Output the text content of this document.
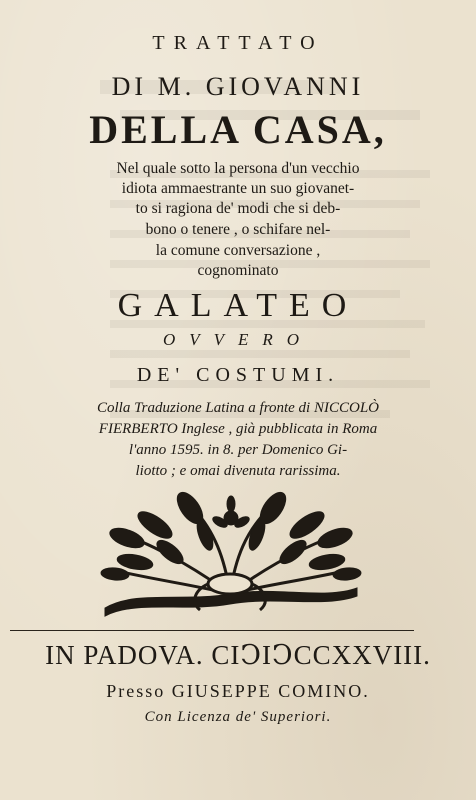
TRATTATO
DI M. GIOVANNI
DELLA CASA,
Nel quale sotto la persona d'un vecchio
idiota ammaestrante un suo giovanet-
to si ragiona de' modi che si deb-
bono o tenere , o schifare nel-
la comune conversazione ,
cognominato
GALATEO
OVVERO
DE' COSTUMI.
Colla Traduzione Latina a fronte di NICCOLÒ
FIERBERTO Inglese , già pubblicata in Roma
l'anno 1595. in 8. per Domenico Gi-
liotto ; e omai divenuta rarissima.
IN PADOVA. CIↃIↃCCXXVIII.
Presso GIUSEPPE COMINO.
Con Licenza de' Superiori.
